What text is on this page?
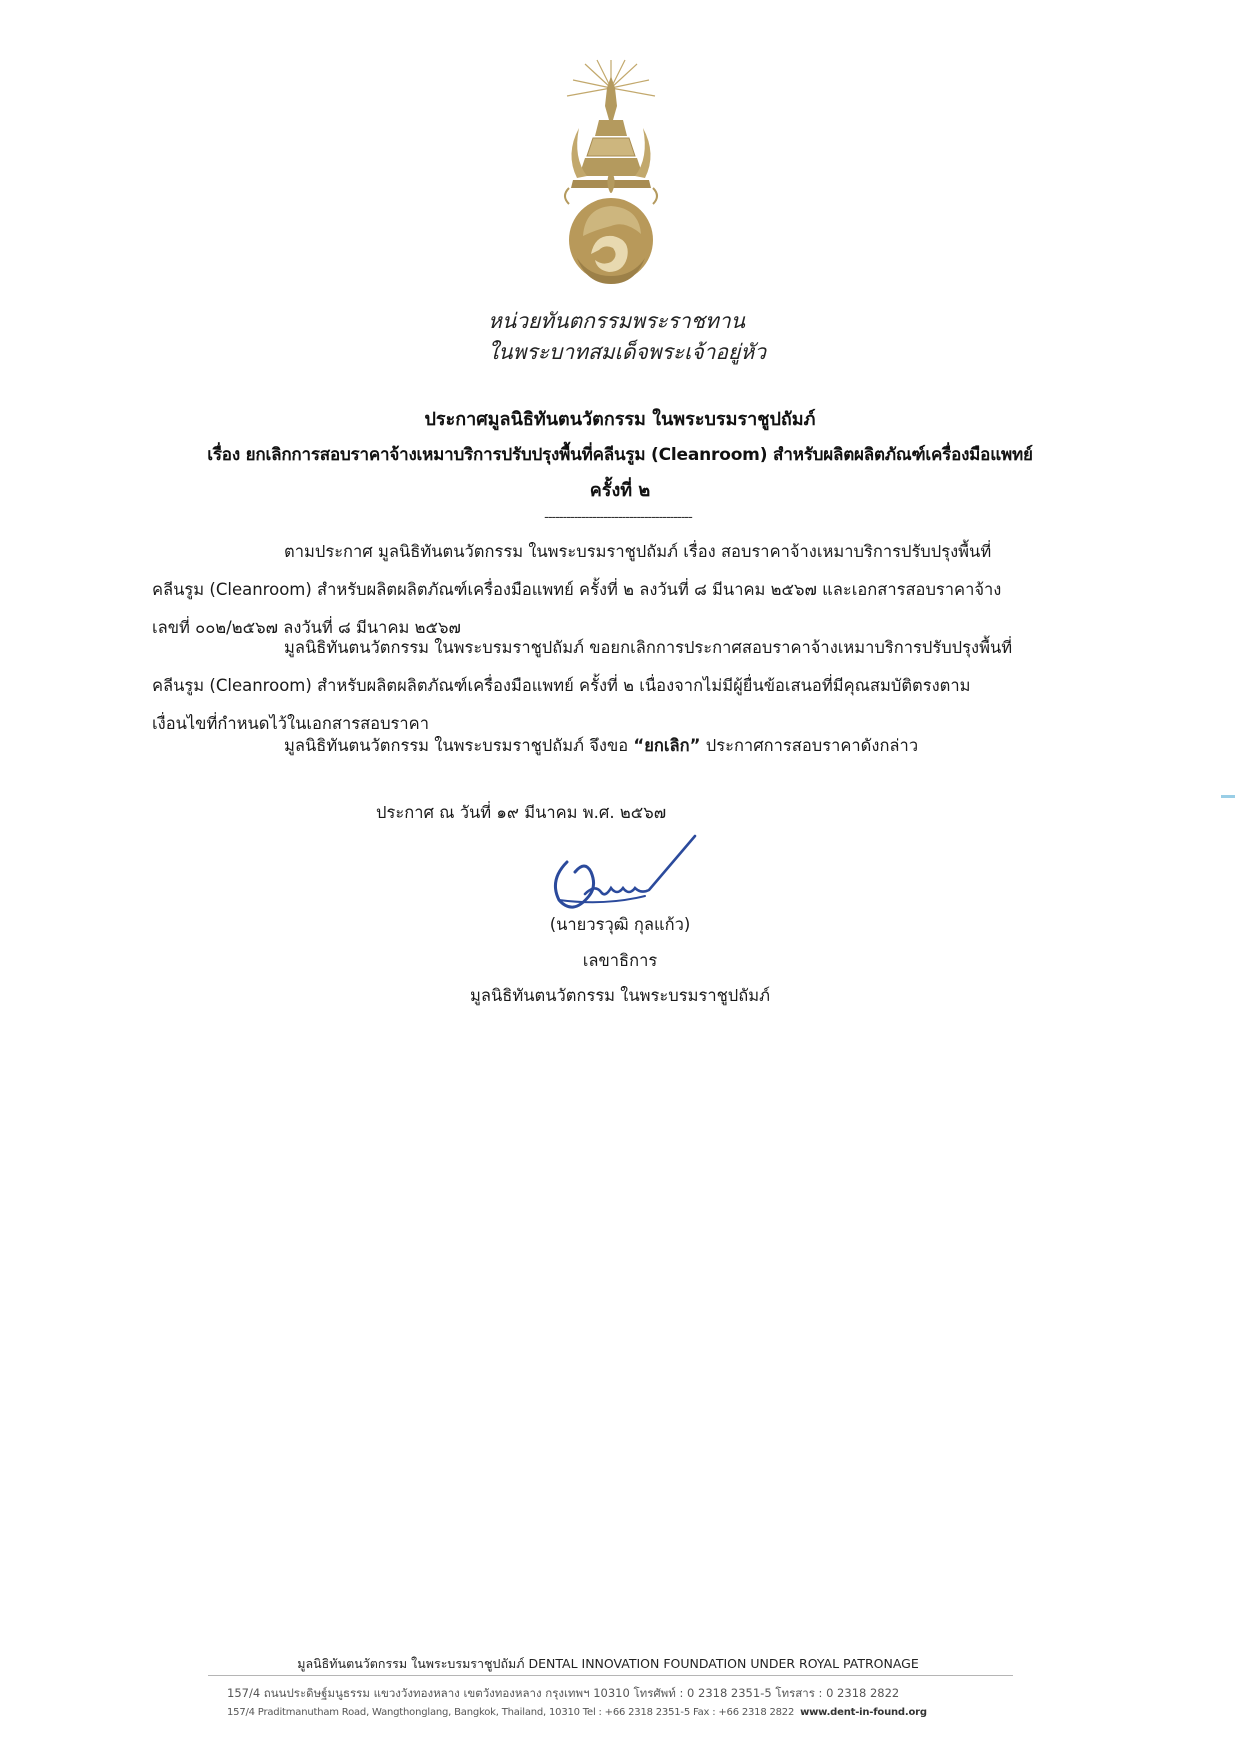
หน่วยทันตกรรมพระราชทาน
ในพระบาทสมเด็จพระเจ้าอยู่หัว
ประกาศมูลนิธิทันตนวัตกรรม ในพระบรมราชูปถัมภ์
เรื่อง ยกเลิกการสอบราคาจ้างเหมาบริการปรับปรุงพื้นที่คลีนรูม (Cleanroom) สำหรับผลิตผลิตภัณฑ์เครื่องมือแพทย์
ครั้งที่ ๒
----------------------------------------
ตามประกาศ มูลนิธิทันตนวัตกรรม ในพระบรมราชูปถัมภ์ เรื่อง สอบราคาจ้างเหมาบริการปรับปรุงพื้นที่
คลีนรูม (Cleanroom) สำหรับผลิตผลิตภัณฑ์เครื่องมือแพทย์ ครั้งที่ ๒ ลงวันที่ ๘ มีนาคม ๒๕๖๗ และเอกสารสอบราคาจ้าง
เลขที่ ๐๐๒/๒๕๖๗ ลงวันที่ ๘ มีนาคม ๒๕๖๗
มูลนิธิทันตนวัตกรรม ในพระบรมราชูปถัมภ์ ขอยกเลิกการประกาศสอบราคาจ้างเหมาบริการปรับปรุงพื้นที่
คลีนรูม (Cleanroom) สำหรับผลิตผลิตภัณฑ์เครื่องมือแพทย์ ครั้งที่ ๒ เนื่องจากไม่มีผู้ยื่นข้อเสนอที่มีคุณสมบัติตรงตาม
เงื่อนไขที่กำหนดไว้ในเอกสารสอบราคา
มูลนิธิทันตนวัตกรรม ในพระบรมราชูปถัมภ์ จึงขอ “ยกเลิก” ประกาศการสอบราคาดังกล่าว
ประกาศ ณ วันที่ ๑๙ มีนาคม พ.ศ. ๒๕๖๗
(นายวรวุฒิ กุลแก้ว)
เลขาธิการ
มูลนิธิทันตนวัตกรรม ในพระบรมราชูปถัมภ์
มูลนิธิทันตนวัตกรรม ในพระบรมราชูปถัมภ์ DENTAL INNOVATION FOUNDATION UNDER ROYAL PATRONAGE
157/4 ถนนประดิษฐ์มนูธรรม แขวงวังทองหลาง เขตวังทองหลาง กรุงเทพฯ 10310 โทรศัพท์ : 0 2318 2351-5 โทรสาร : 0 2318 2822
157/4 Praditmanutham Road, Wangthonglang, Bangkok, Thailand, 10310 Tel : +66 2318 2351-5 Fax : +66 2318 2822 www.dent-in-found.org
